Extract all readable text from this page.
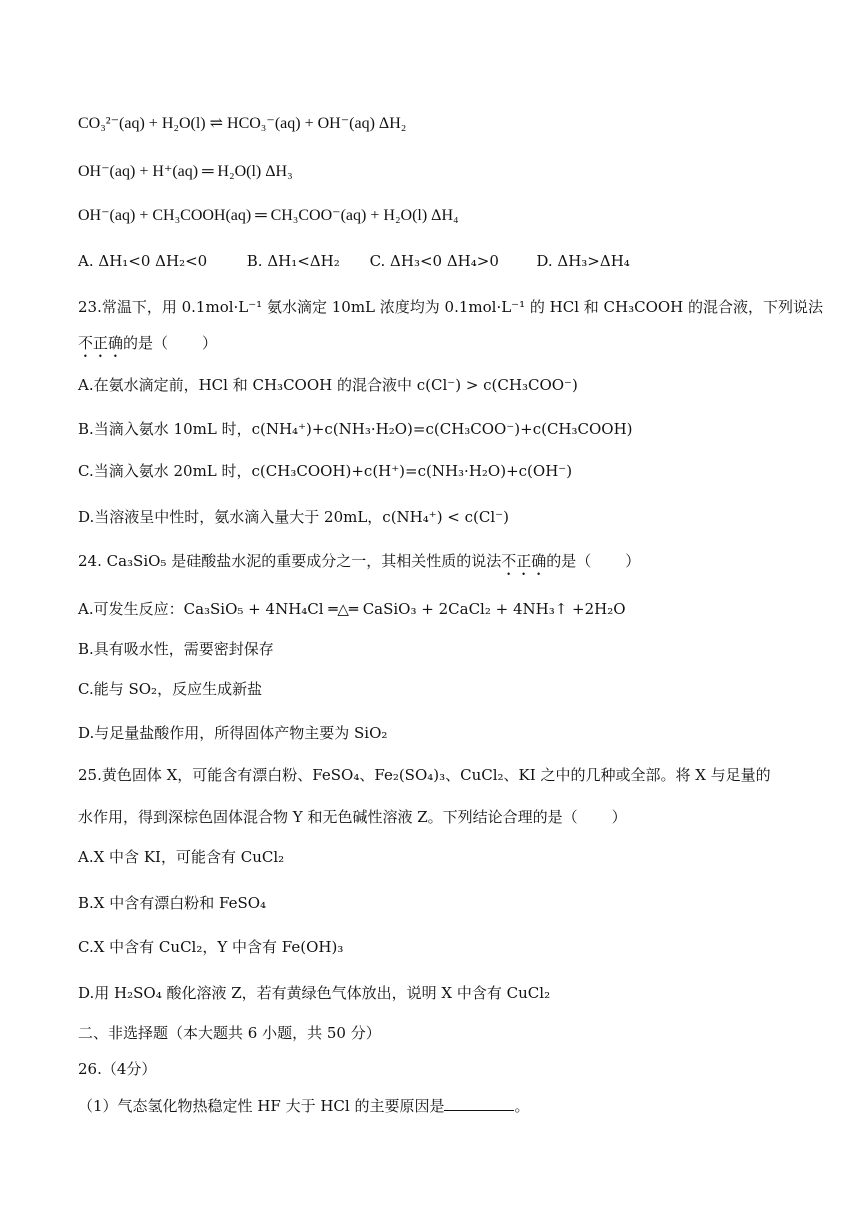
CO₃²⁻(aq) + H₂O(l) ⇌ HCO₃⁻(aq) + OH⁻(aq) ΔH₂
OH⁻(aq) + H⁺(aq) ═ H₂O(l) ΔH₃
OH⁻(aq) + CH₃COOH(aq) ═ CH₃COO⁻(aq) + H₂O(l) ΔH₄
A. ΔH₁<0 ΔH₂<0	B. ΔH₁<ΔH₂ C. ΔH₃<0 ΔH₄>0 D. ΔH₃>ΔH₄
23.常温下，用 0.1mol·L⁻¹ 氨水滴定 10mL 浓度均为 0.1mol·L⁻¹ 的 HCl 和 CH₃COOH 的混合液，下列说法
不正确的是（ ）
A.在氨水滴定前，HCl 和 CH₃COOH 的混合液中 c(Cl⁻) > c(CH₃COO⁻)
B.当滴入氨水 10mL 时，c(NH₄⁺)+c(NH₃·H₂O)=c(CH₃COO⁻)+c(CH₃COOH)
C.当滴入氨水 20mL 时，c(CH₃COOH)+c(H⁺)=c(NH₃·H₂O)+c(OH⁻)
D.当溶液呈中性时，氨水滴入量大于 20mL，c(NH₄⁺) < c(Cl⁻)
24. Ca₃SiO₅ 是硅酸盐水泥的重要成分之一，其相关性质的说法不正确的是（ ）
A.可发生反应：Ca₃SiO₅ + 4NH₄Cl ═△═ CaSiO₃ + 2CaCl₂ + 4NH₃↑ +2H₂O
B.具有吸水性，需要密封保存
C.能与 SO₂，反应生成新盐
D.与足量盐酸作用，所得固体产物主要为 SiO₂
25.黄色固体 X，可能含有漂白粉、FeSO₄、Fe₂(SO₄)₃、CuCl₂、KI 之中的几种或全部。将 X 与足量的
水作用，得到深棕色固体混合物 Y 和无色碱性溶液 Z。下列结论合理的是（ ）
A.X 中含 KI，可能含有 CuCl₂
B.X 中含有漂白粉和 FeSO₄
C.X 中含有 CuCl₂，Y 中含有 Fe(OH)₃
D.用 H₂SO₄ 酸化溶液 Z，若有黄绿色气体放出，说明 X 中含有 CuCl₂
二、非选择题（本大题共 6 小题，共 50 分）
26.（4分）
（1）气态氢化物热稳定性 HF 大于 HCl 的主要原因是	。
